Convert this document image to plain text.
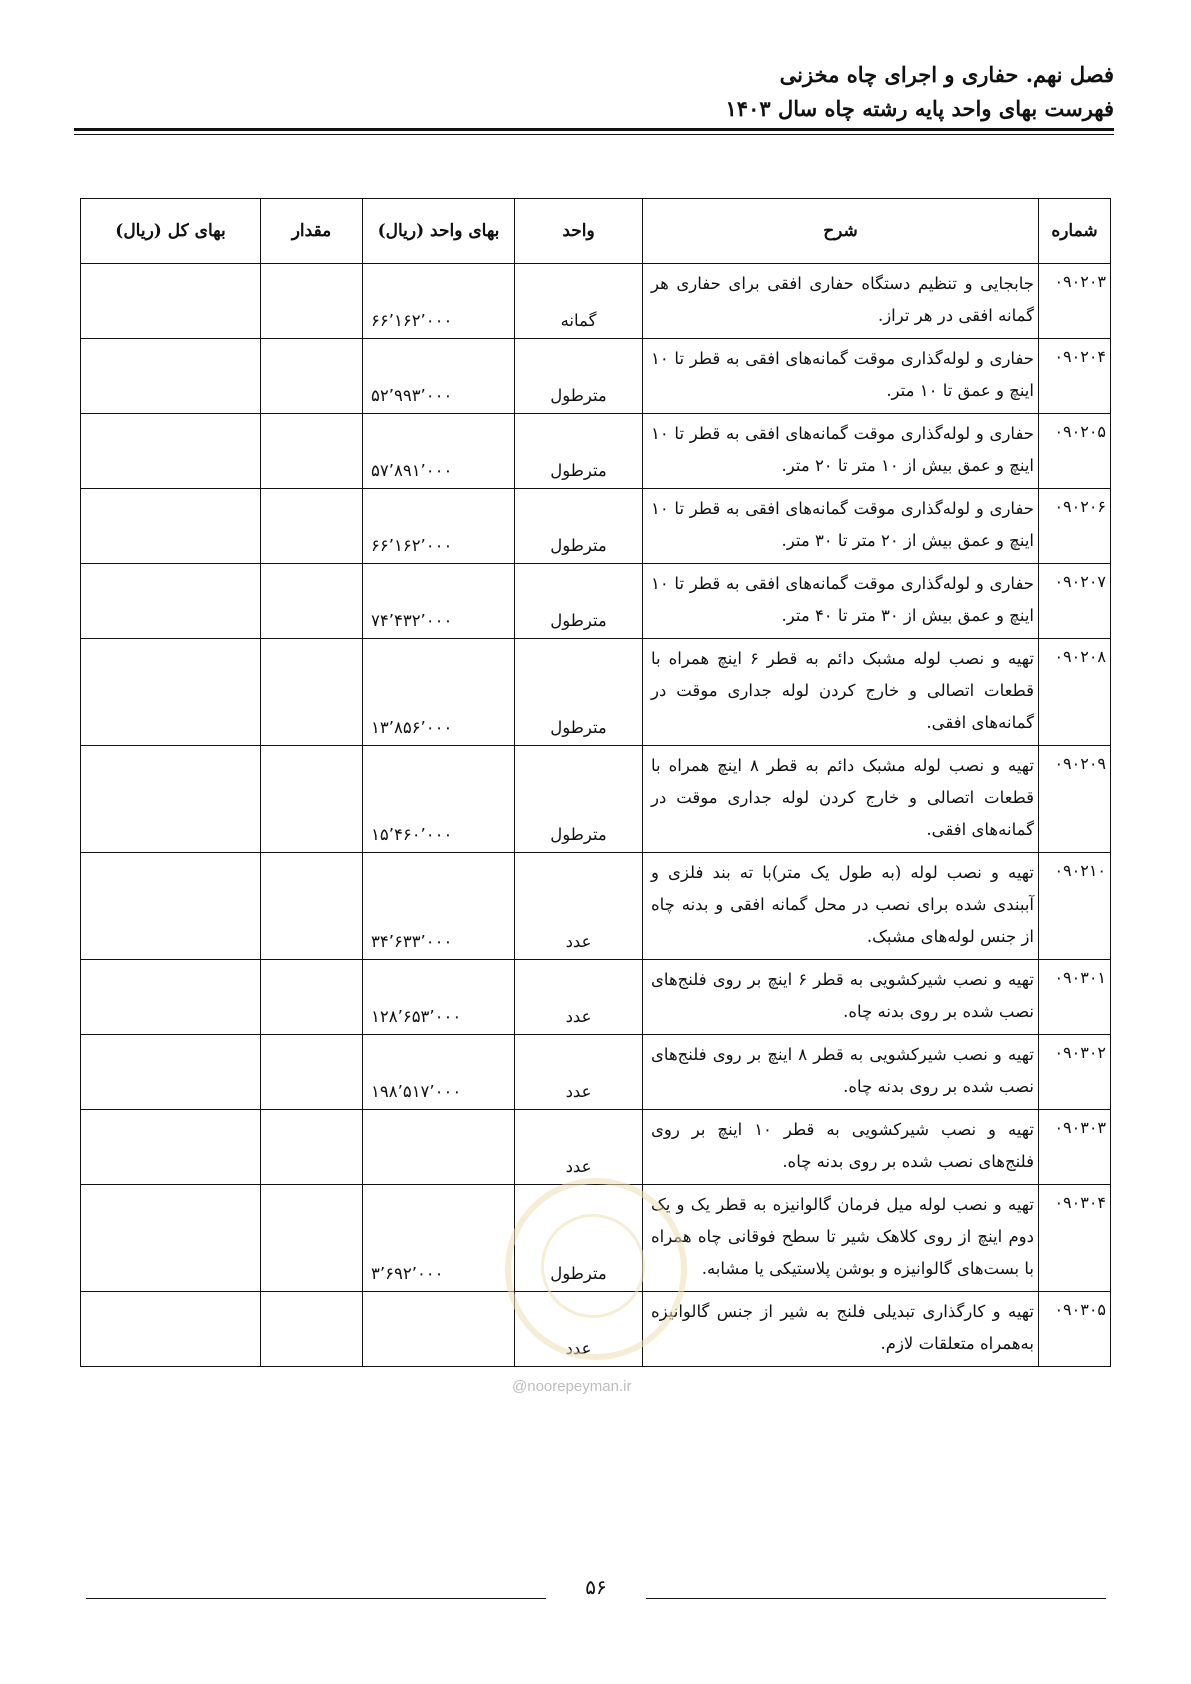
فصل نهم. حفاری و اجرای چاه مخزنی
فهرست بهای واحد پایه رشته چاه سال ۱۴۰۳
شماره	شرح	واحد	بهای واحد (ریال)	مقدار	بهای کل (ریال)
۰۹۰۲۰۳	جابجایی و تنظیم دستگاه حفاری افقی برای حفاری هر گمانه افقی در هر تراز.	گمانه	۶۶٬۱۶۲٬۰۰۰		
۰۹۰۲۰۴	حفاری و لوله‌گذاری موقت گمانه‌های افقی به قطر تا ۱۰ اینچ و عمق تا ۱۰ متر.	مترطول	۵۲٬۹۹۳٬۰۰۰		
۰۹۰۲۰۵	حفاری و لوله‌گذاری موقت گمانه‌های افقی به قطر تا ۱۰ اینچ و عمق بیش از ۱۰ متر تا ۲۰ متر.	مترطول	۵۷٬۸۹۱٬۰۰۰		
۰۹۰۲۰۶	حفاری و لوله‌گذاری موقت گمانه‌های افقی به قطر تا ۱۰ اینچ و عمق بیش از ۲۰ متر تا ۳۰ متر.	مترطول	۶۶٬۱۶۲٬۰۰۰		
۰۹۰۲۰۷	حفاری و لوله‌گذاری موقت گمانه‌های افقی به قطر تا ۱۰ اینچ و عمق بیش از ۳۰ متر تا ۴۰ متر.	مترطول	۷۴٬۴۳۲٬۰۰۰		
۰۹۰۲۰۸	تهیه و نصب لوله مشبک دائم به قطر ۶ اینچ همراه با قطعات اتصالی و خارج کردن لوله جداری موقت در گمانه‌های افقی.	مترطول	۱۳٬۸۵۶٬۰۰۰		
۰۹۰۲۰۹	تهیه و نصب لوله مشبک دائم به قطر ۸ اینچ همراه با قطعات اتصالی و خارج کردن لوله جداری موقت در گمانه‌های افقی.	مترطول	۱۵٬۴۶۰٬۰۰۰		
۰۹۰۲۱۰	تهیه و نصب لوله (به طول یک متر)با ته بند فلزی و آببندی شده برای نصب در محل گمانه افقی و بدنه چاه از جنس لوله‌های مشبک.	عدد	۳۴٬۶۳۳٬۰۰۰		
۰۹۰۳۰۱	تهیه و نصب شیرکشویی به قطر ۶ اینچ بر روی فلنج‌های نصب شده بر روی بدنه چاه.	عدد	۱۲۸٬۶۵۳٬۰۰۰		
۰۹۰۳۰۲	تهیه و نصب شیرکشویی به قطر ۸ اینچ بر روی فلنج‌های نصب شده بر روی بدنه چاه.	عدد	۱۹۸٬۵۱۷٬۰۰۰		
۰۹۰۳۰۳	تهیه و نصب شیرکشویی به قطر ۱۰ اینچ بر روی فلنج‌های نصب شده بر روی بدنه چاه.	عدد			
۰۹۰۳۰۴	تهیه و نصب لوله میل فرمان گالوانیزه به قطر یک و یک دوم اینچ از روی کلاهک شیر تا سطح فوقانی چاه همراه با بست‌های گالوانیزه و بوشن پلاستیکی یا مشابه.	مترطول	۳٬۶۹۲٬۰۰۰		
۰۹۰۳۰۵	تهیه و کارگذاری تبدیلی فلنج به شیر از جنس گالوانیزه به‌همراه متعلقات لازم.	عدد			
@noorepeyman.ir
۵۶
